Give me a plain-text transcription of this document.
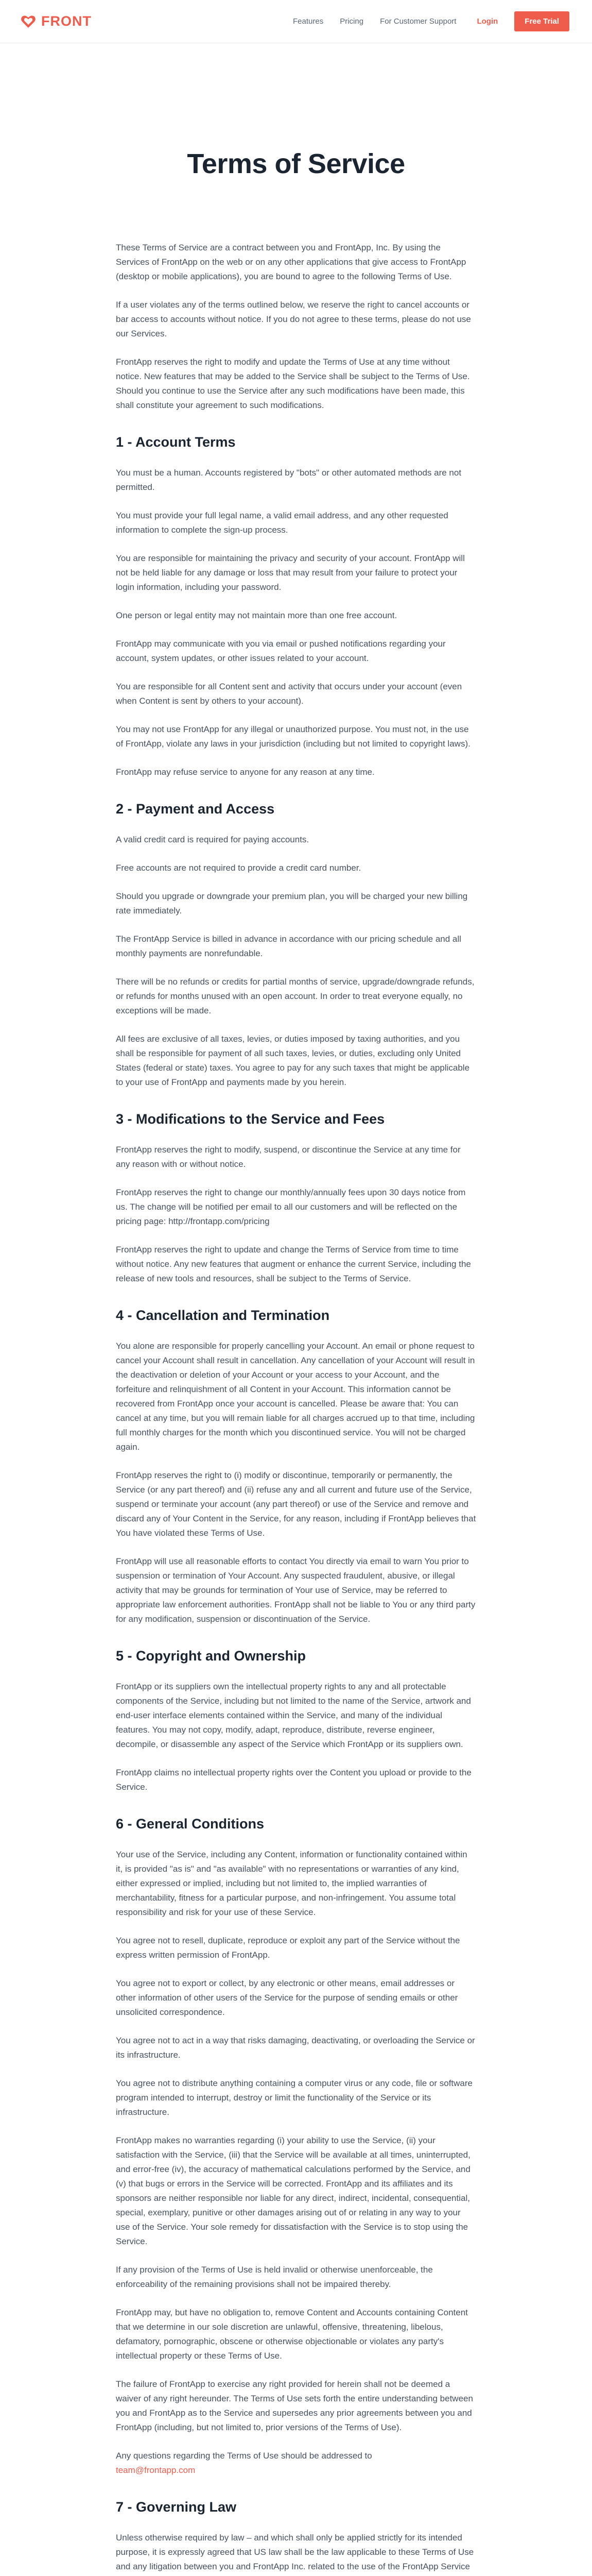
FRONT	Features Pricing For Customer Support	Login	Free Trial
Terms of Service

These Terms of Service are a contract between you and FrontApp, Inc. By using the Services of FrontApp on the web or on any other applications that give access to FrontApp (desktop or mobile applications), you are bound to agree to the following Terms of Use.

If a user violates any of the terms outlined below, we reserve the right to cancel accounts or bar access to accounts without notice. If you do not agree to these terms, please do not use our Services.

FrontApp reserves the right to modify and update the Terms of Use at any time without notice. New features that may be added to the Service shall be subject to the Terms of Use. Should you continue to use the Service after any such modifications have been made, this shall constitute your agreement to such modifications.

1 - Account Terms

You must be a human. Accounts registered by "bots" or other automated methods are not permitted.

You must provide your full legal name, a valid email address, and any other requested information to complete the sign-up process.

You are responsible for maintaining the privacy and security of your account. FrontApp will not be held liable for any damage or loss that may result from your failure to protect your login information, including your password.

One person or legal entity may not maintain more than one free account.

FrontApp may communicate with you via email or pushed notifications regarding your account, system updates, or other issues related to your account.

You are responsible for all Content sent and activity that occurs under your account (even when Content is sent by others to your account).

You may not use FrontApp for any illegal or unauthorized purpose. You must not, in the use of FrontApp, violate any laws in your jurisdiction (including but not limited to copyright laws).

FrontApp may refuse service to anyone for any reason at any time.

2 - Payment and Access

A valid credit card is required for paying accounts.

Free accounts are not required to provide a credit card number.

Should you upgrade or downgrade your premium plan, you will be charged your new billing rate immediately.

The FrontApp Service is billed in advance in accordance with our pricing schedule and all monthly payments are nonrefundable.

There will be no refunds or credits for partial months of service, upgrade/downgrade refunds, or refunds for months unused with an open account. In order to treat everyone equally, no exceptions will be made.

All fees are exclusive of all taxes, levies, or duties imposed by taxing authorities, and you shall be responsible for payment of all such taxes, levies, or duties, excluding only United States (federal or state) taxes. You agree to pay for any such taxes that might be applicable to your use of FrontApp and payments made by you herein.

3 - Modifications to the Service and Fees

FrontApp reserves the right to modify, suspend, or discontinue the Service at any time for any reason with or without notice.

FrontApp reserves the right to change our monthly/annually fees upon 30 days notice from us. The change will be notified per email to all our customers and will be reflected on the pricing page: http://frontapp.com/pricing

FrontApp reserves the right to update and change the Terms of Service from time to time without notice. Any new features that augment or enhance the current Service, including the release of new tools and resources, shall be subject to the Terms of Service.

4 - Cancellation and Termination

You alone are responsible for properly cancelling your Account. An email or phone request to cancel your Account shall result in cancellation. Any cancellation of your Account will result in the deactivation or deletion of your Account or your access to your Account, and the forfeiture and relinquishment of all Content in your Account. This information cannot be recovered from FrontApp once your account is cancelled. Please be aware that: You can cancel at any time, but you will remain liable for all charges accrued up to that time, including full monthly charges for the month which you discontinued service. You will not be charged again.

FrontApp reserves the right to (i) modify or discontinue, temporarily or permanently, the Service (or any part thereof) and (ii) refuse any and all current and future use of the Service, suspend or terminate your account (any part thereof) or use of the Service and remove and discard any of Your Content in the Service, for any reason, including if FrontApp believes that You have violated these Terms of Use.

FrontApp will use all reasonable efforts to contact You directly via email to warn You prior to suspension or termination of Your Account. Any suspected fraudulent, abusive, or illegal activity that may be grounds for termination of Your use of Service, may be referred to appropriate law enforcement authorities. FrontApp shall not be liable to You or any third party for any modification, suspension or discontinuation of the Service.

5 - Copyright and Ownership

FrontApp or its suppliers own the intellectual property rights to any and all protectable components of the Service, including but not limited to the name of the Service, artwork and end-user interface elements contained within the Service, and many of the individual features. You may not copy, modify, adapt, reproduce, distribute, reverse engineer, decompile, or disassemble any aspect of the Service which FrontApp or its suppliers own.

FrontApp claims no intellectual property rights over the Content you upload or provide to the Service.

6 - General Conditions

Your use of the Service, including any Content, information or functionality contained within it, is provided "as is" and "as available" with no representations or warranties of any kind, either expressed or implied, including but not limited to, the implied warranties of merchantability, fitness for a particular purpose, and non-infringement. You assume total responsibility and risk for your use of these Service.

You agree not to resell, duplicate, reproduce or exploit any part of the Service without the express written permission of FrontApp.

You agree not to export or collect, by any electronic or other means, email addresses or other information of other users of the Service for the purpose of sending emails or other unsolicited correspondence.

You agree not to act in a way that risks damaging, deactivating, or overloading the Service or its infrastructure.

You agree not to distribute anything containing a computer virus or any code, file or software program intended to interrupt, destroy or limit the functionality of the Service or its infrastructure.

FrontApp makes no warranties regarding (i) your ability to use the Service, (ii) your satisfaction with the Service, (iii) that the Service will be available at all times, uninterrupted, and error-free (iv), the accuracy of mathematical calculations performed by the Service, and (v) that bugs or errors in the Service will be corrected. FrontApp and its affiliates and its sponsors are neither responsible nor liable for any direct, indirect, incidental, consequential, special, exemplary, punitive or other damages arising out of or relating in any way to your use of the Service. Your sole remedy for dissatisfaction with the Service is to stop using the Service.

If any provision of the Terms of Use is held invalid or otherwise unenforceable, the enforceability of the remaining provisions shall not be impaired thereby.

FrontApp may, but have no obligation to, remove Content and Accounts containing Content that we determine in our sole discretion are unlawful, offensive, threatening, libelous, defamatory, pornographic, obscene or otherwise objectionable or violates any party's intellectual property or these Terms of Use.

The failure of FrontApp to exercise any right provided for herein shall not be deemed a waiver of any right hereunder. The Terms of Use sets forth the entire understanding between you and FrontApp as to the Service and supersedes any prior agreements between you and FrontApp (including, but not limited to, prior versions of the Terms of Use).

Any questions regarding the Terms of Use should be addressed to
team@frontapp.com

7 - Governing Law

Unless otherwise required by law – and which shall only be applied strictly for its intended purpose, it is expressly agreed that US law shall be the law applicable to these Terms of Use and any litigation between you and FrontApp Inc. related to the use of the FrontApp Service
